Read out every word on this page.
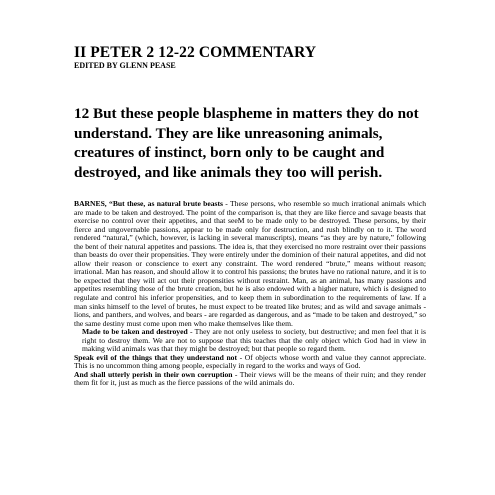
II PETER 2 12-22 COMMENTARY
EDITED BY GLENN PEASE

12 But these people blaspheme in matters they do not understand. They are like unreasoning animals, creatures of instinct, born only to be caught and destroyed, and like animals they too will perish.

BARNES, “But these, as natural brute beasts - These persons, who resemble so much irrational animals which are made to be taken and destroyed. The point of the comparison is, that they are like fierce and savage beasts that exercise no control over their appetites, and that seeM to be made only to be destroyed. These persons, by their fierce and ungovernable passions, appear to be made only for destruction, and rush blindly on to it. The word rendered “natural,” (which, however, is lacking in several manuscripts), means “as they are by nature,” following the bent of their natural appetites and passions. The idea is, that they exercised no more restraint over their passions than beasts do over their propensities. They were entirely under the dominion of their natural appetites, and did not allow their reason or conscience to exert any constraint. The word rendered “brute,” means without reason; irrational. Man has reason, and should allow it to control his passions; the brutes have no rational nature, and it is to be expected that they will act out their propensities without restraint. Man, as an animal, has many passions and appetites resembling those of the brute creation, but he is also endowed with a higher nature, which is designed to regulate and control his inferior propensities, and to keep them in subordination to the requirements of law. If a man sinks himself to the level of brutes, he must expect to be treated like brutes; and as wild and savage animals - lions, and panthers, and wolves, and bears - are regarded as dangerous, and as “made to be taken and destroyed,” so the same destiny must come upon men who make themselves like them.

Made to be taken and destroyed - They are not only useless to society, but destructive; and men feel that it is right to destroy them. We are not to suppose that this teaches that the only object which God had in view in making wild animals was that they might be destroyed; but that people so regard them.

Speak evil of the things that they understand not - Of objects whose worth and value they cannot appreciate. This is no uncommon thing among people, especially in regard to the works and ways of God.

And shall utterly perish in their own corruption - Their views will be the means of their ruin; and they render them fit for it, just as much as the fierce passions of the wild animals do.
